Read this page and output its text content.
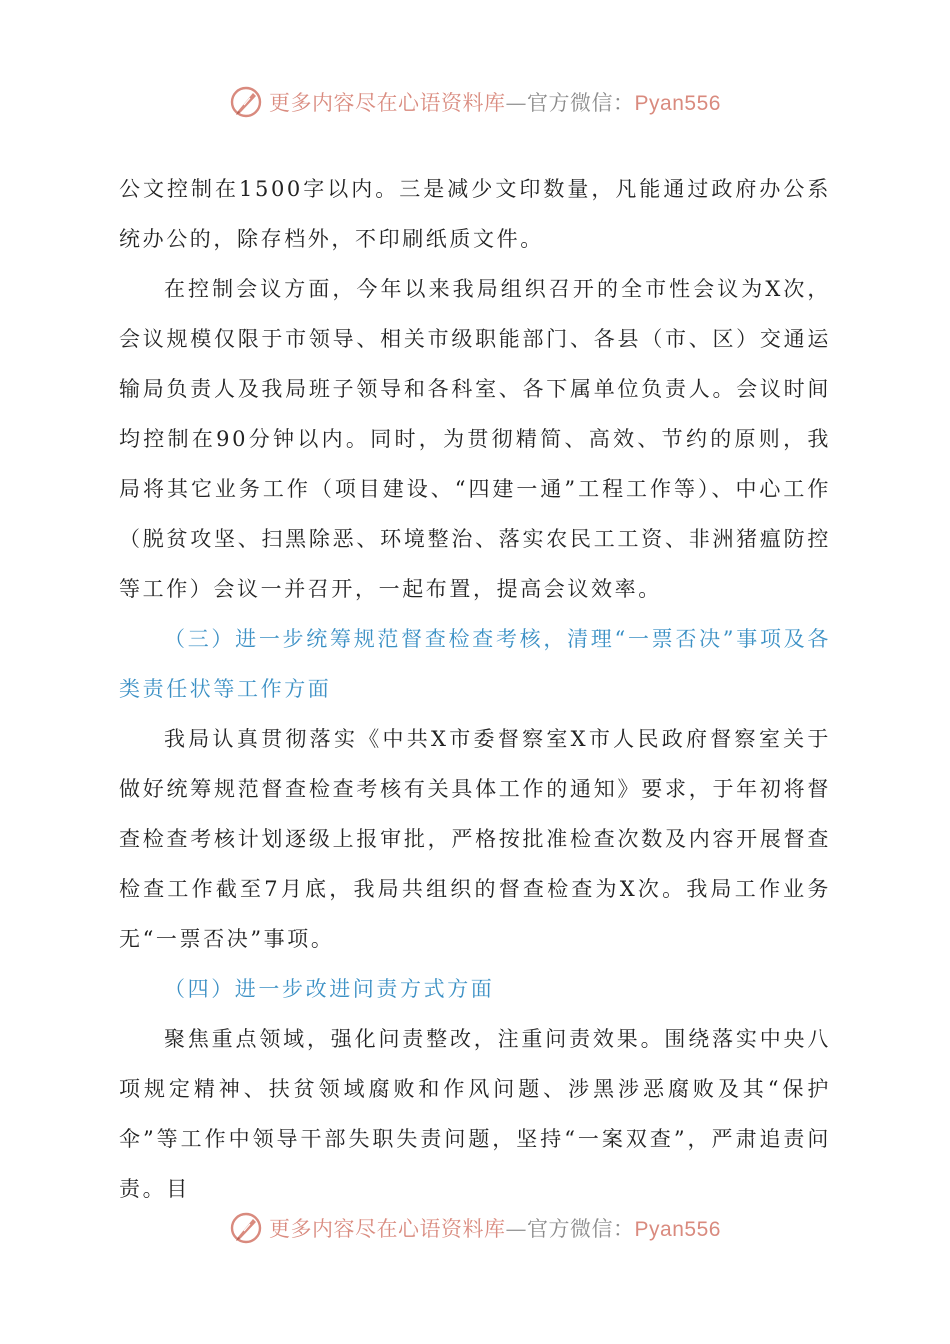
更多内容尽在心语资料库—官方微信：Pyan556

公文控制在1500字以内。三是减少文印数量，凡能通过政府办公系统办公的，除存档外，不印刷纸质文件。

在控制会议方面，今年以来我局组织召开的全市性会议为X次，会议规模仅限于市领导、相关市级职能部门、各县（市、区）交通运输局负责人及我局班子领导和各科室、各下属单位负责人。会议时间均控制在90分钟以内。同时，为贯彻精简、高效、节约的原则，我局将其它业务工作（项目建设、“四建一通”工程工作等）、中心工作（脱贫攻坚、扫黑除恶、环境整治、落实农民工工资、非洲猪瘟防控等工作）会议一并召开，一起布置，提高会议效率。

（三）进一步统筹规范督查检查考核，清理“一票否决”事项及各类责任状等工作方面

我局认真贯彻落实《中共X市委督察室X市人民政府督察室关于做好统筹规范督查检查考核有关具体工作的通知》要求，于年初将督查检查考核计划逐级上报审批，严格按批准检查次数及内容开展督查检查工作截至7月底，我局共组织的督查检查为X次。我局工作业务无“一票否决”事项。

（四）进一步改进问责方式方面

聚焦重点领域，强化问责整改，注重问责效果。围绕落实中央八项规定精神、扶贫领域腐败和作风问题、涉黑涉恶腐败及其“保护伞”等工作中领导干部失职失责问题，坚持“一案双查”，严肃追责问责。目

更多内容尽在心语资料库—官方微信：Pyan556
